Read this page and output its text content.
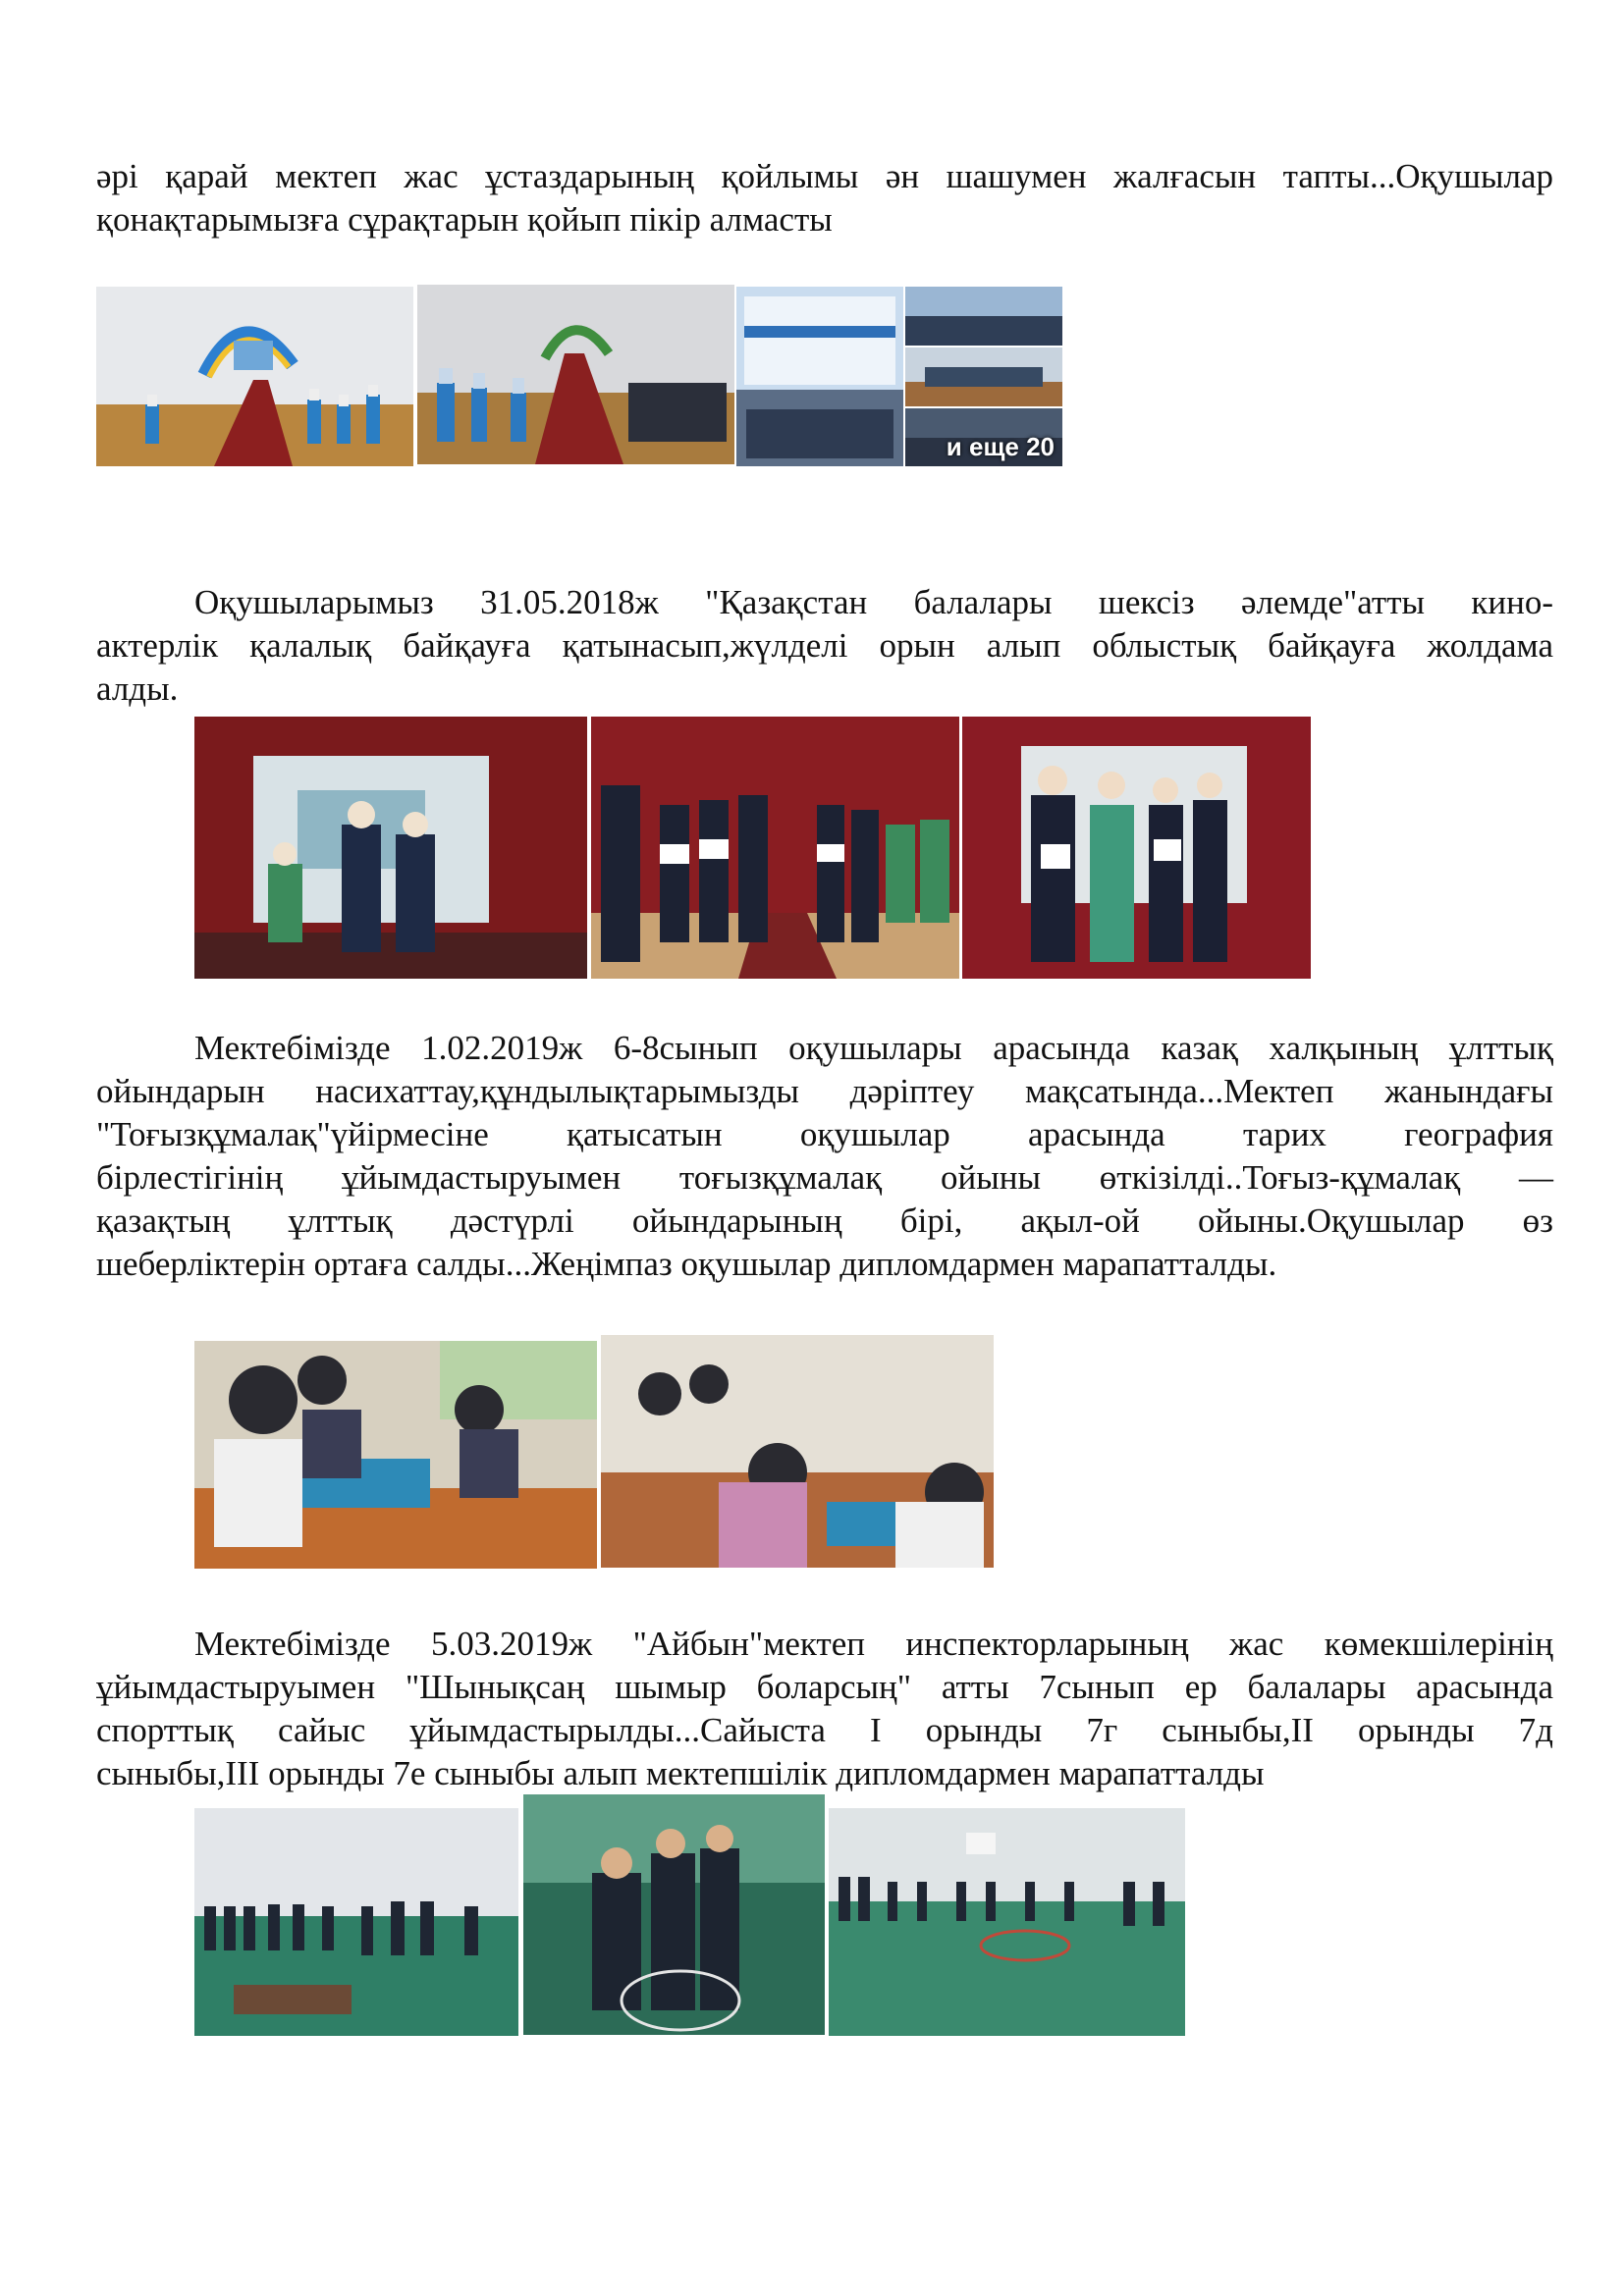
әрі қарай мектеп жас ұстаздарының қойлымы ән шашумен жалғасын тапты...Оқушылар
қонақтарымызға сұрақтарын қойып пікір алмасты
и еще 20
Оқушыларымыз 31.05.2018ж "Қазақстан балалары шексіз әлемде"атты кино-
актерлік қалалық байқауға қатынасып,жүлделі орын алып облыстық байқауға жолдама
алды.
Мектебімізде 1.02.2019ж 6-8сынып оқушылары арасында казақ халқының ұлттық
ойындарын насихаттау,құндылықтарымызды дәріптеу мақсатында...Мектеп жанындағы
"Тоғызқұмалақ"үйірмесіне қатысатын оқушылар арасында тарих география
бірлестігінің ұйымдастыруымен тоғызқұмалақ ойыны өткізілді..Тоғыз-құмалақ —
қазақтың ұлттық дәстүрлі ойындарының бірі, ақыл-ой ойыны.Оқушылар өз
шеберліктерін ортаға салды...Жеңімпаз оқушылар дипломдармен марапатталды.
Мектебімізде 5.03.2019ж "Айбын"мектеп инспекторларының жас көмекшілерінің
ұйымдастыруымен "Шынықсаң шымыр боларсың" атты 7сынып ер балалары арасында
спорттық сайыс ұйымдастырылды...Сайыста І орынды 7г сыныбы,ІІ орынды 7д
сыныбы,ІІІ орынды 7е сыныбы алып мектепшілік дипломдармен марапатталды
